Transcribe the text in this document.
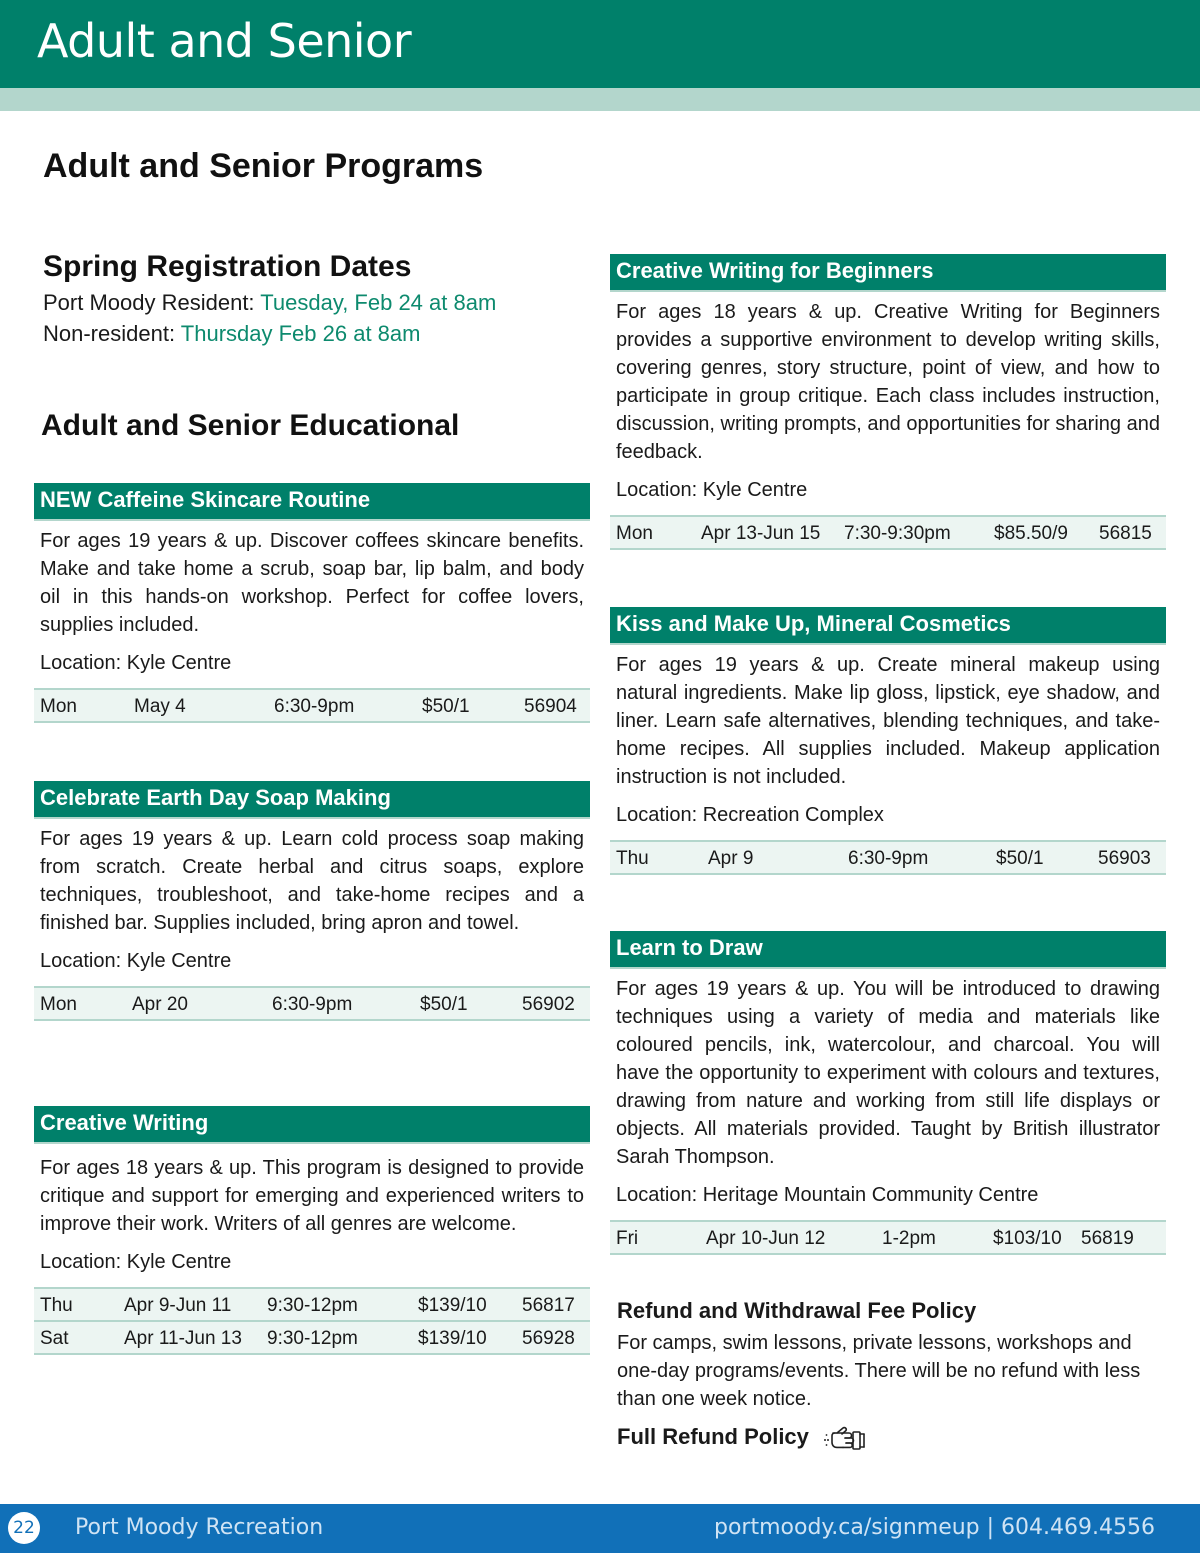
Adult and Senior
Adult and Senior Programs
Spring Registration Dates
Port Moody Resident: Tuesday, Feb 24 at 8am
Non-resident: Thursday Feb 26 at 8am
Adult and Senior Educational
NEW Caffeine Skincare Routine
For ages 19 years & up. Discover coffees skincare benefits. Make and take home a scrub, soap bar, lip balm, and body oil in this hands-on workshop. Perfect for coffee lovers, supplies included.
Location: Kyle Centre
Mon	May 4	6:30-9pm	$50/1	56904
Celebrate Earth Day Soap Making
For ages 19 years & up. Learn cold process soap making from scratch. Create herbal and citrus soaps, explore techniques, troubleshoot, and take-home recipes and a finished bar. Supplies included, bring apron and towel.
Location: Kyle Centre
Mon	Apr 20	6:30-9pm	$50/1	56902
Creative Writing
For ages 18 years & up. This program is designed to provide critique and support for emerging and experienced writers to improve their work. Writers of all genres are welcome.
Location: Kyle Centre
Thu	Apr 9-Jun 11 9:30-12pm	$139/10 56817
Sat	Apr 11-Jun 13 9:30-12pm	$139/10 56928
Creative Writing for Beginners
For ages 18 years & up. Creative Writing for Beginners provides a supportive environment to develop writing skills, covering genres, story structure, point of view, and how to participate in group critique. Each class includes instruction, discussion, writing prompts, and opportunities for sharing and feedback.
Location: Kyle Centre
Mon	Apr 13-Jun 15 7:30-9:30pm $85.50/9 56815
Kiss and Make Up, Mineral Cosmetics
For ages 19 years & up. Create mineral makeup using natural ingredients. Make lip gloss, lipstick, eye shadow, and liner. Learn safe alternatives, blending techniques, and take-home recipes. All supplies included. Makeup application instruction is not included.
Location: Recreation Complex
Thu	Apr 9	6:30-9pm	$50/1	56903
Learn to Draw
For ages 19 years & up. You will be introduced to drawing techniques using a variety of media and materials like coloured pencils, ink, watercolour, and charcoal. You will have the opportunity to experiment with colours and textures, drawing from nature and working from still life displays or objects. All materials provided. Taught by British illustrator Sarah Thompson.
Location: Heritage Mountain Community Centre
Fri	Apr 10-Jun 12	1-2pm	$103/10 56819
Refund and Withdrawal Fee Policy
For camps, swim lessons, private lessons, workshops and one-day programs/events. There will be no refund with less than one week notice.
Full Refund Policy
22 Port Moody Recreation	portmoody.ca/signmeup | 604.469.4556
